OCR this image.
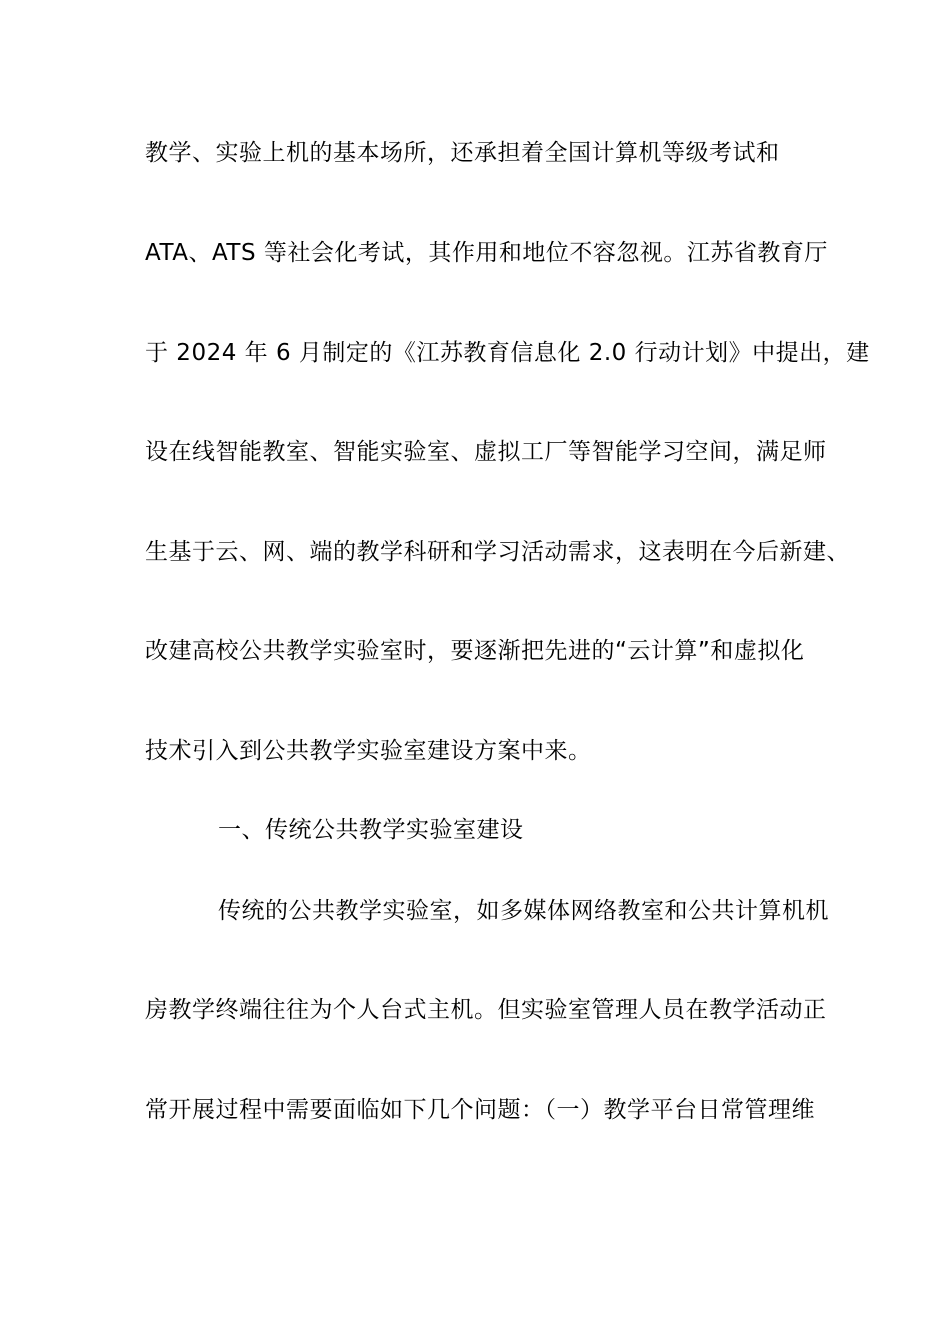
教学、实验上机的基本场所，还承担着全国计算机等级考试和
ATA、ATS 等社会化考试，其作用和地位不容忽视。江苏省教育厅
于 2024 年 6 月制定的《江苏教育信息化 2.0 行动计划》中提出，建
设在线智能教室、智能实验室、虚拟工厂等智能学习空间，满足师
生基于云、网、端的教学科研和学习活动需求，这表明在今后新建、
改建高校公共教学实验室时，要逐渐把先进的“云计算”和虚拟化
技术引入到公共教学实验室建设方案中来。
一、传统公共教学实验室建设
传统的公共教学实验室，如多媒体网络教室和公共计算机机
房教学终端往往为个人台式主机。但实验室管理人员在教学活动正
常开展过程中需要面临如下几个问题：（一）教学平台日常管理维
